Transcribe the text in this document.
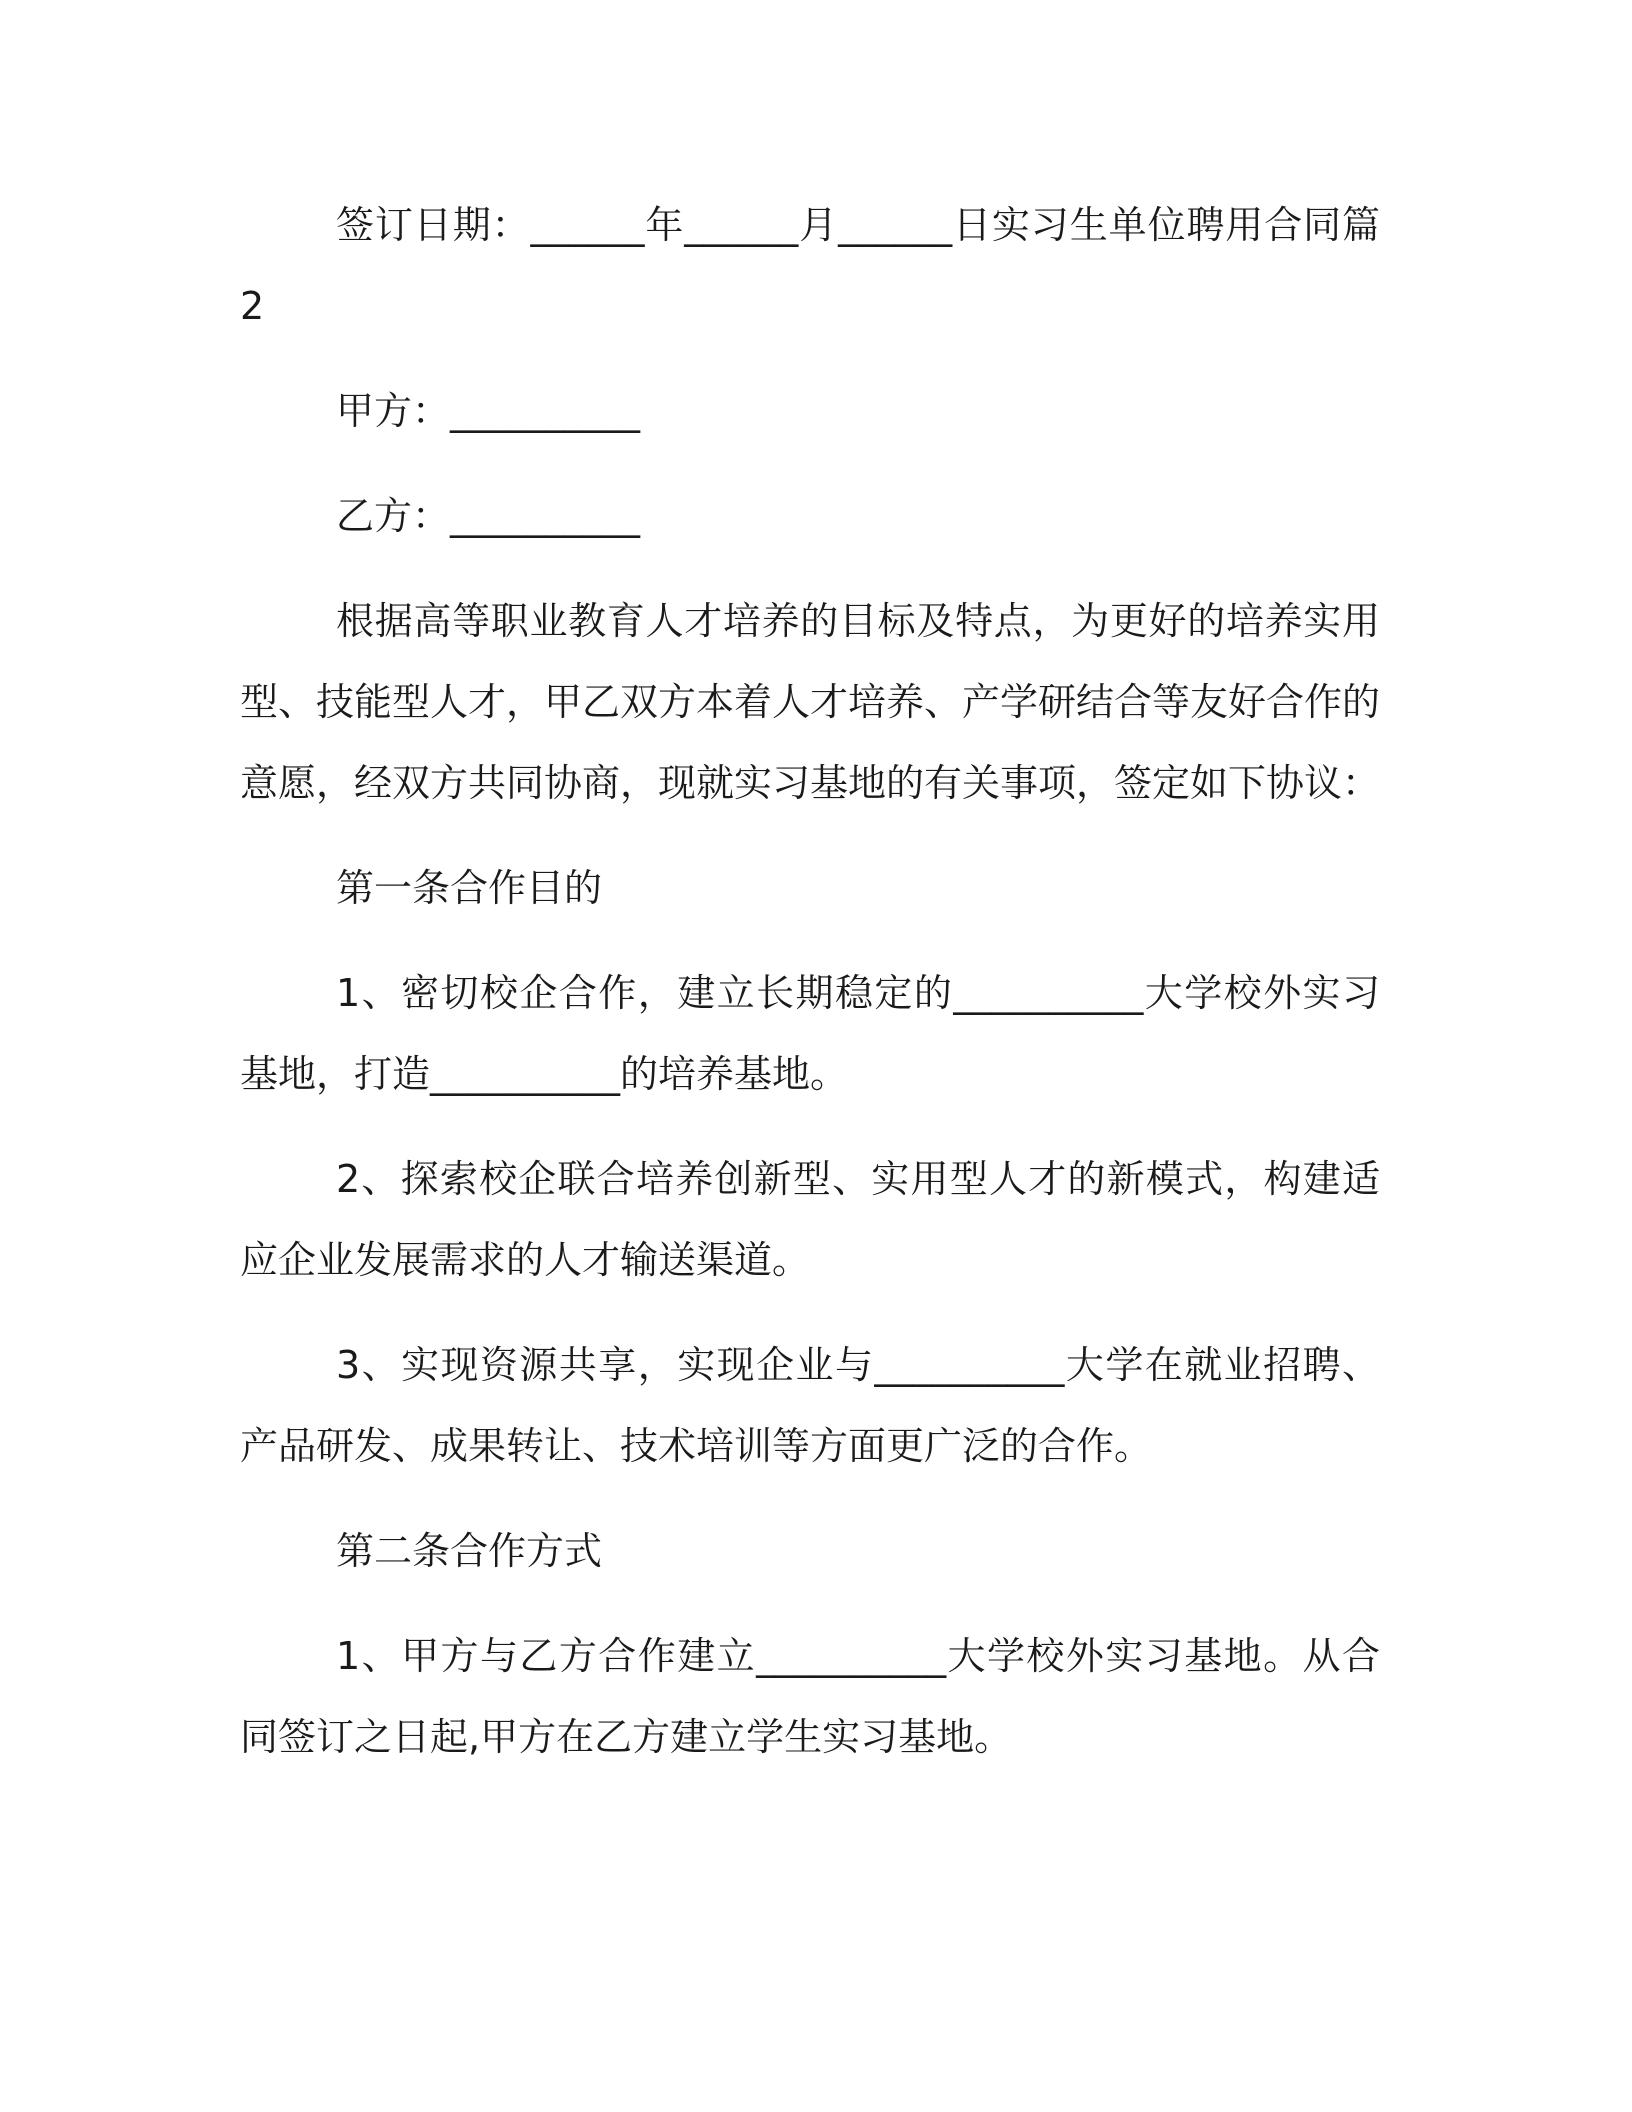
签订日期：______年______月______日实习生单位聘用合同篇 2

甲方：__________

乙方：__________

根据高等职业教育人才培养的目标及特点，为更好的培养实用型、技能型人才，甲乙双方本着人才培养、产学研结合等友好合作的意愿，经双方共同协商，现就实习基地的有关事项，签定如下协议：

第一条合作目的

1、密切校企合作，建立长期稳定的__________大学校外实习基地，打造__________的培养基地。

2、探索校企联合培养创新型、实用型人才的新模式，构建适应企业发展需求的人才输送渠道。

3、实现资源共享，实现企业与__________大学在就业招聘、产品研发、成果转让、技术培训等方面更广泛的合作。

第二条合作方式

1、甲方与乙方合作建立__________大学校外实习基地。从合同签订之日起,甲方在乙方建立学生实习基地。
